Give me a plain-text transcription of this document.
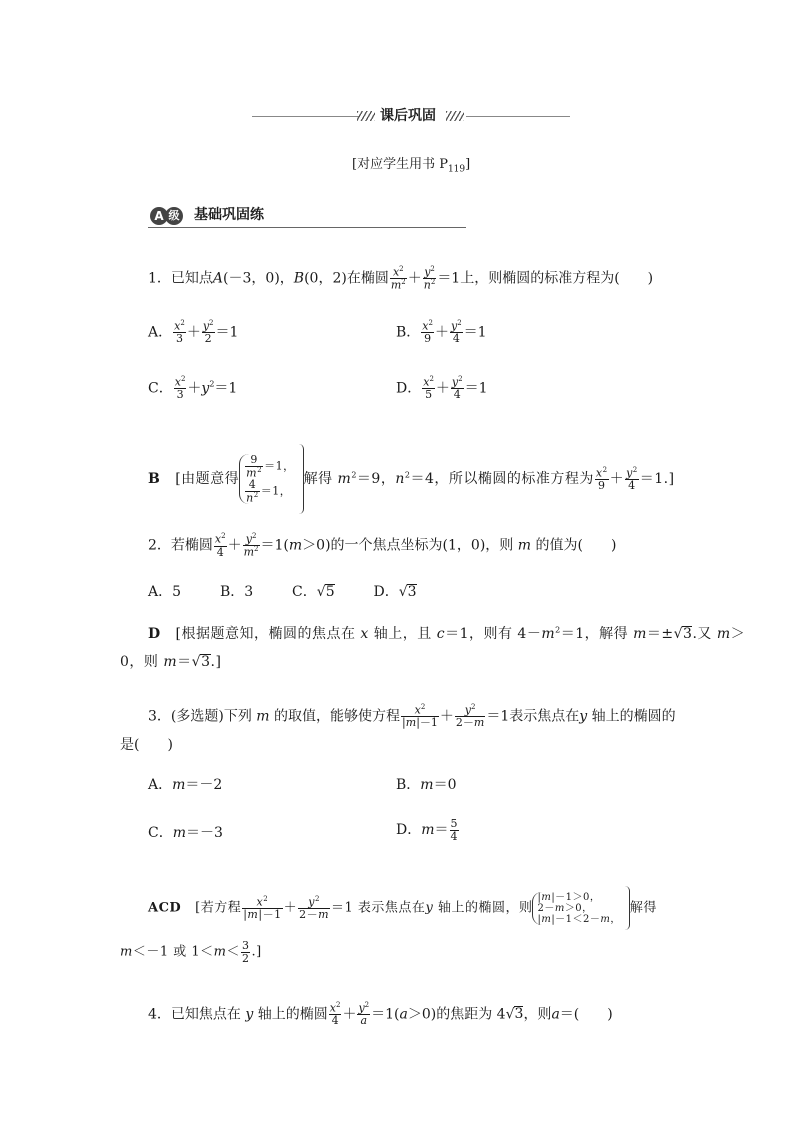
课后巩固
[对应学生用书 $P_{119}$]
A 级 基础巩固练
1．已知点A(－3，0)，B(0，2)在椭圆 $\frac{x^2}{m^2} + \frac{y^2}{n^2} =1$上，则椭圆的标准方程为(　　)
A． $\frac{x^2}{3} + \frac{y^2}{2} =1$	B． $\frac{x^2}{9} + \frac{y^2}{4} =1$
C． $\frac{x^2}{3} +y^2=1$	D． $\frac{x^2}{5} + \frac{y^2}{4} =1$
B [由题意得 $\frac{9}{m^2} =1$，

$\frac{4}{n^2} =1$，解得 $m^2=9$，$n^2=4$，所以椭圆的标准方程为 $\frac{x^2}{9} + \frac{y^2}{4} =1$.]
2．若椭圆 $\frac{x^2}{4} + \frac{y^2}{m^2} =1(m>0)$的一个焦点坐标为(1，0)，则 m 的值为(　　)
A．5	B．3	C．√5	D．√3
D [根据题意知，椭圆的焦点在 x 轴上，且 c＝1，则有 $4-m^2=1$，解得 m＝±√3.又 m＞
0，则 m＝√3.]
3．(多选题)下列 m 的取值，能够使方程 $\frac{x^2}{|m|-1} + \frac{y^2}{2-m} =1$表示焦点在y 轴上的椭圆的
是(　　)
A．m＝－2	B．m＝0
C．m＝－3	D．$m= \frac{5}{4}$
ACD [若方程 $\frac{x^2}{|m|-1} + \frac{y^2}{2-m} =1$ 表示焦点在y 轴上的椭圆，则|m|－1＞0，
2－m＞0，
|m|－1＜2－m，解得
m＜－1 或 $1<m< \frac{3}{2}$ .]
4．已知焦点在 y 轴上的椭圆 $\frac{x^2}{4} + \frac{y^2}{a} =1(a>0)$的焦距为 4√3，则a＝(　　)
